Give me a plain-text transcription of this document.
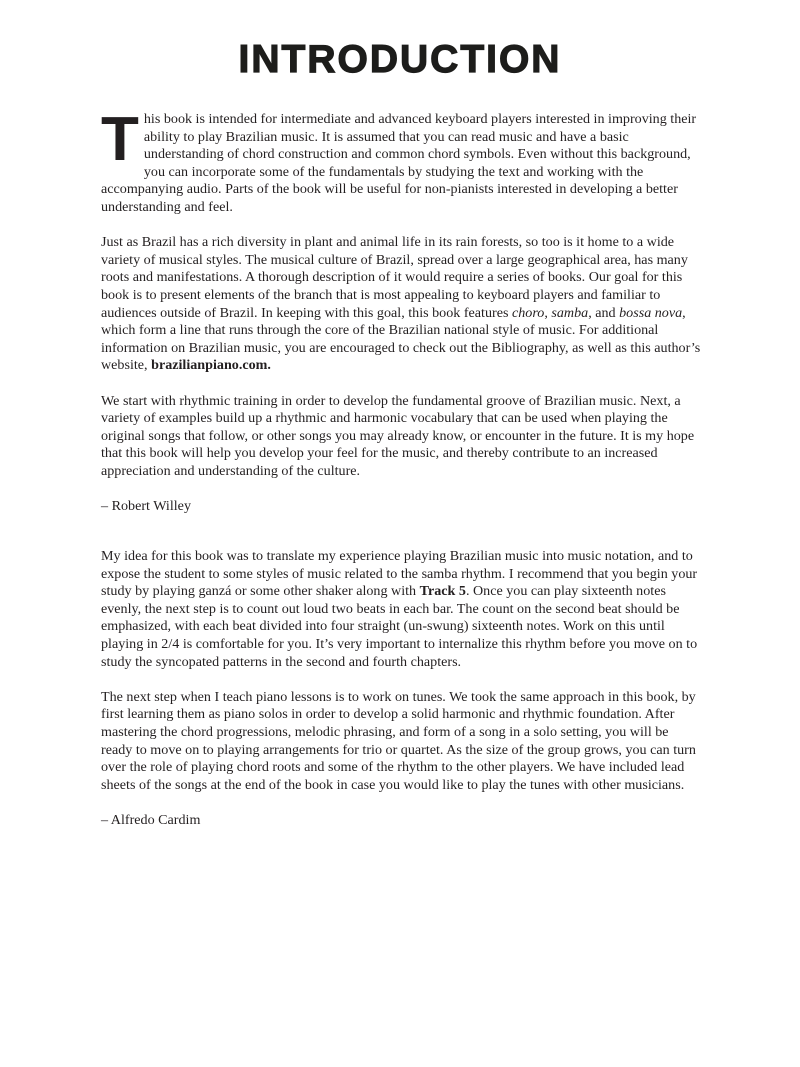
INTRODUCTION

This book is intended for intermediate and advanced keyboard players interested in improving their ability to play Brazilian music. It is assumed that you can read music and have a basic understanding of chord construction and common chord symbols. Even without this background, you can incorporate some of the fundamentals by studying the text and working with the accompanying audio. Parts of the book will be useful for non-pianists interested in developing a better understanding and feel.

Just as Brazil has a rich diversity in plant and animal life in its rain forests, so too is it home to a wide variety of musical styles. The musical culture of Brazil, spread over a large geographical area, has many roots and manifestations. A thorough description of it would require a series of books. Our goal for this book is to present elements of the branch that is most appealing to keyboard players and familiar to audiences outside of Brazil. In keeping with this goal, this book features choro, samba, and bossa nova, which form a line that runs through the core of the Brazilian national style of music. For additional information on Brazilian music, you are encouraged to check out the Bibliography, as well as this author’s website, brazilianpiano.com.

We start with rhythmic training in order to develop the fundamental groove of Brazilian music. Next, a variety of examples build up a rhythmic and harmonic vocabulary that can be used when playing the original songs that follow, or other songs you may already know, or encounter in the future. It is my hope that this book will help you develop your feel for the music, and thereby contribute to an increased appreciation and understanding of the culture.

– Robert Willey

My idea for this book was to translate my experience playing Brazilian music into music notation, and to expose the student to some styles of music related to the samba rhythm. I recommend that you begin your study by playing ganzá or some other shaker along with Track 5. Once you can play sixteenth notes evenly, the next step is to count out loud two beats in each bar. The count on the second beat should be emphasized, with each beat divided into four straight (un-swung) sixteenth notes. Work on this until playing in 2/4 is comfortable for you. It’s very important to internalize this rhythm before you move on to study the syncopated patterns in the second and fourth chapters.

The next step when I teach piano lessons is to work on tunes. We took the same approach in this book, by first learning them as piano solos in order to develop a solid harmonic and rhythmic foundation. After mastering the chord progressions, melodic phrasing, and form of a song in a solo setting, you will be ready to move on to playing arrangements for trio or quartet. As the size of the group grows, you can turn over the role of playing chord roots and some of the rhythm to the other players. We have included lead sheets of the songs at the end of the book in case you would like to play the tunes with other musicians.

– Alfredo Cardim
